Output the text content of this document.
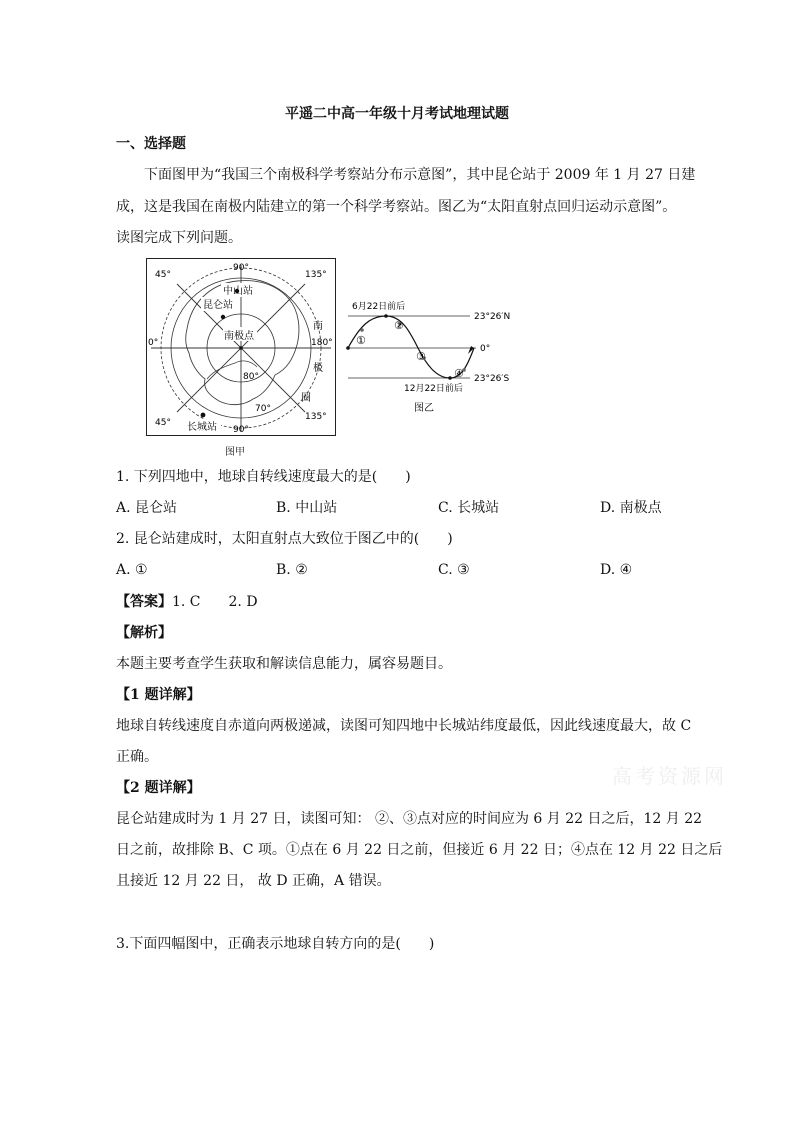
平遥二中高一年级十月考试地理试题
一、选择题
下面图甲为“我国三个南极科学考察站分布示意图”，其中昆仑站于 2009 年 1 月 27 日建
成，这是我国在南极内陆建立的第一个科学考察站。图乙为“太阳直射点回归运动示意图”。
读图完成下列问题。
45°
90°
135°
0°	180°
45°
90°
135°
80°
70°
昆仑站
中山站
长城站
南极点
南
极
圈
图甲
6月22日前后
12月22日前后
23°26′N
0°
23°26′S
①
②
③
④
图乙
1. 下列四地中，地球自转线速度最大的是(　　)
A. 昆仑站	B. 中山站	C. 长城站	D. 南极点
2. 昆仑站建成时，太阳直射点大致位于图乙中的(　　)
A. ①	B. ②	C. ③	D. ④
【答案】1. C　　2. D
【解析】
本题主要考查学生获取和解读信息能力，属容易题目。
【1 题详解】
地球自转线速度自赤道向两极递减，读图可知四地中长城站纬度最低，因此线速度最大，故 C
正确。
高考资源网
【2 题详解】
昆仑站建成时为 1 月 27 日，读图可知： ②、③点对应的时间应为 6 月 22 日之后，12 月 22
日之前，故排除 B、C 项。①点在 6 月 22 日之前，但接近 6 月 22 日；④点在 12 月 22 日之后
且接近 12 月 22 日， 故 D 正确，A 错误。
3.下面四幅图中，正确表示地球自转方向的是(　　)
